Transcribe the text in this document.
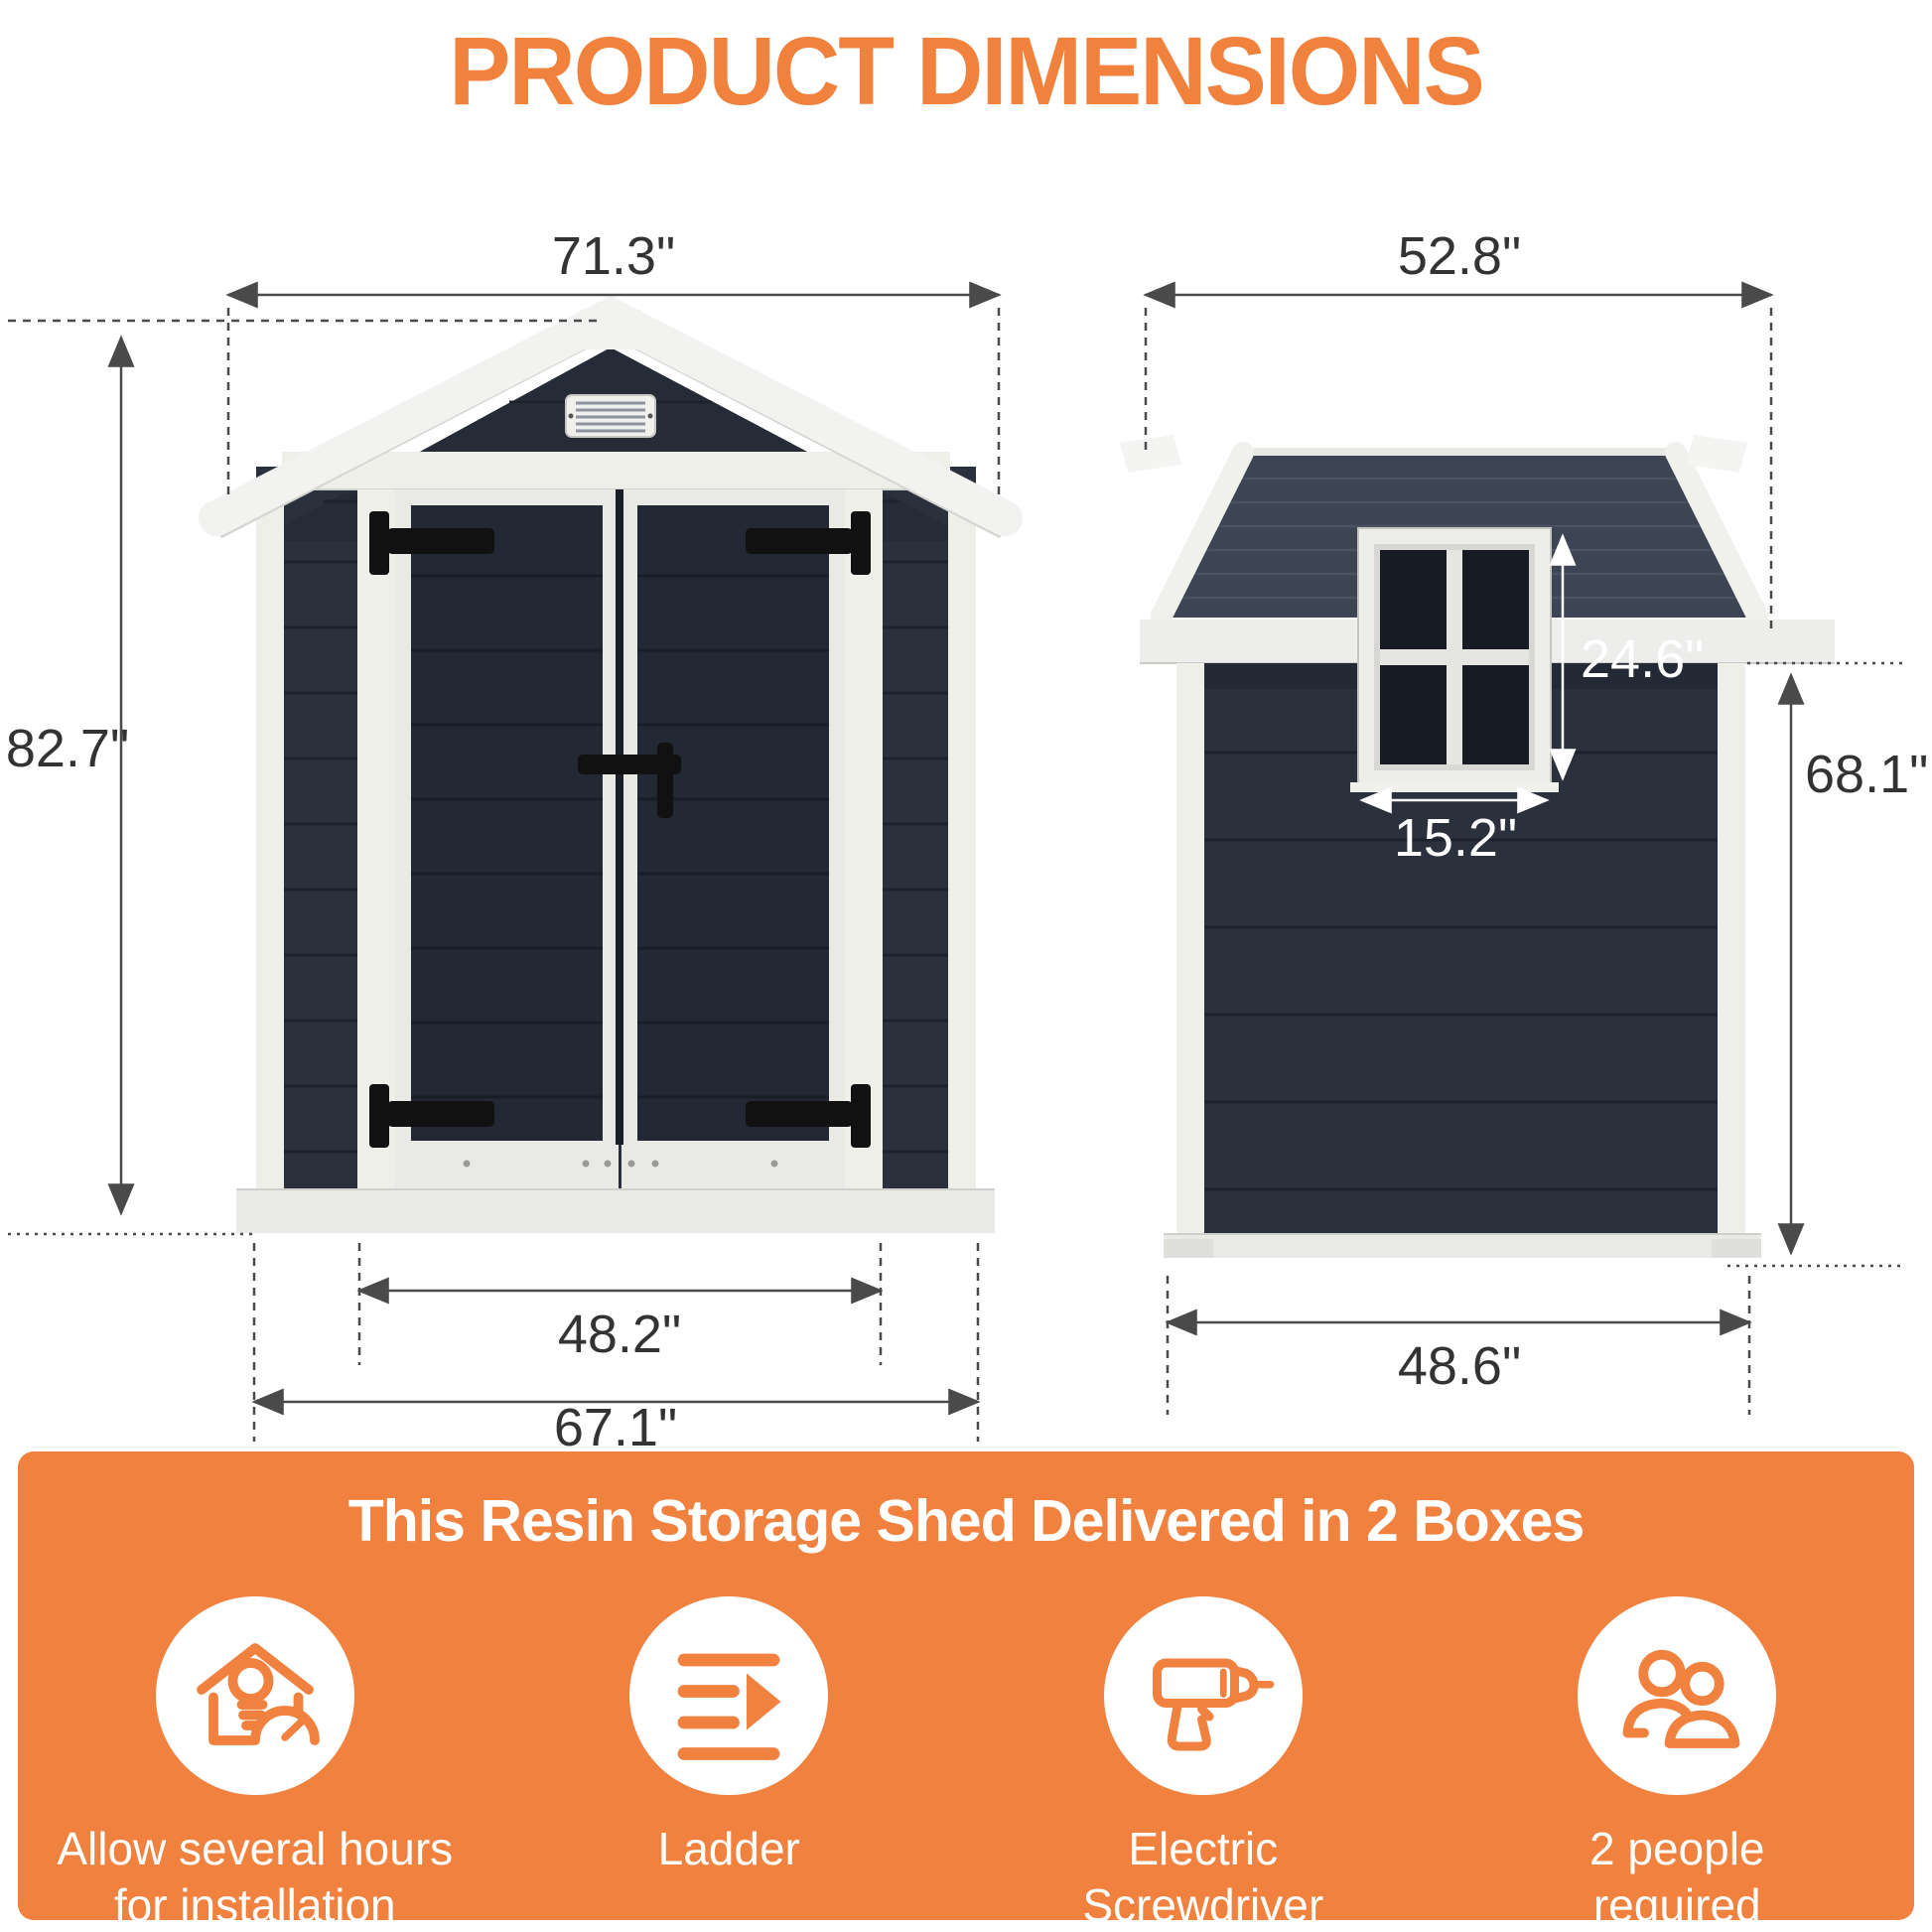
PRODUCT DIMENSIONS
71.3"
82.7"
48.2"
67.1"
52.8"
24.6"
15.2"
68.1"
48.6"
This Resin Storage Shed Delivered in 2 Boxes
Allow several hours
for installation
Ladder	Electric
Screwdriver
2 people
required
